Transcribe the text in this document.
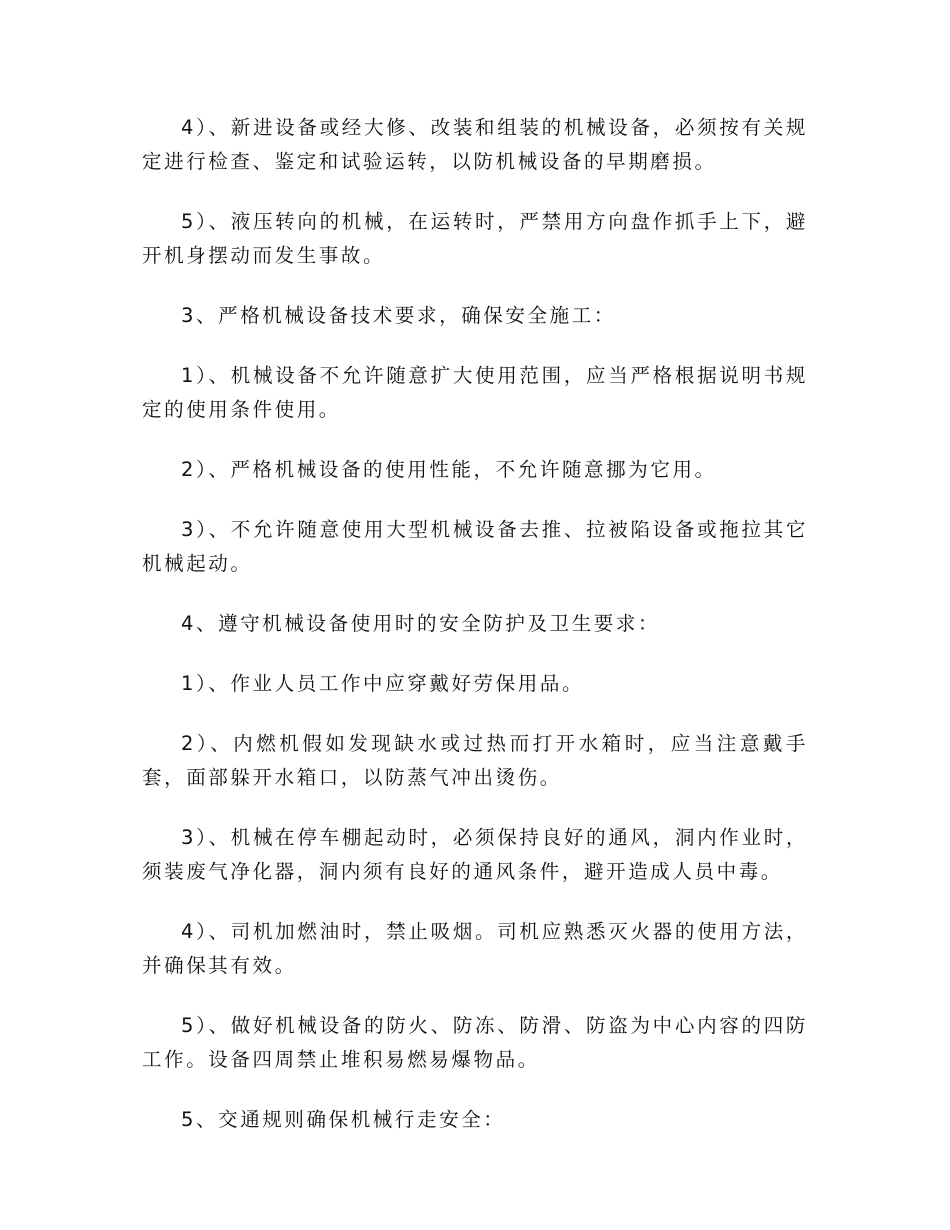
4）、新进设备或经大修、改装和组装的机械设备，必须按有关规定进行检查、鉴定和试验运转，以防机械设备的早期磨损。

5）、液压转向的机械，在运转时，严禁用方向盘作抓手上下，避开机身摆动而发生事故。

3、严格机械设备技术要求，确保安全施工：

1）、机械设备不允许随意扩大使用范围，应当严格根据说明书规定的使用条件使用。

2）、严格机械设备的使用性能，不允许随意挪为它用。

3）、不允许随意使用大型机械设备去推、拉被陷设备或拖拉其它机械起动。

4、遵守机械设备使用时的安全防护及卫生要求：

1）、作业人员工作中应穿戴好劳保用品。

2）、内燃机假如发现缺水或过热而打开水箱时，应当注意戴手套，面部躲开水箱口，以防蒸气冲出烫伤。

3）、机械在停车棚起动时，必须保持良好的通风，洞内作业时，须装废气净化器，洞内须有良好的通风条件，避开造成人员中毒。

4）、司机加燃油时，禁止吸烟。司机应熟悉灭火器的使用方法，并确保其有效。

5）、做好机械设备的防火、防冻、防滑、防盗为中心内容的四防工作。设备四周禁止堆积易燃易爆物品。

5、交通规则确保机械行走安全：
